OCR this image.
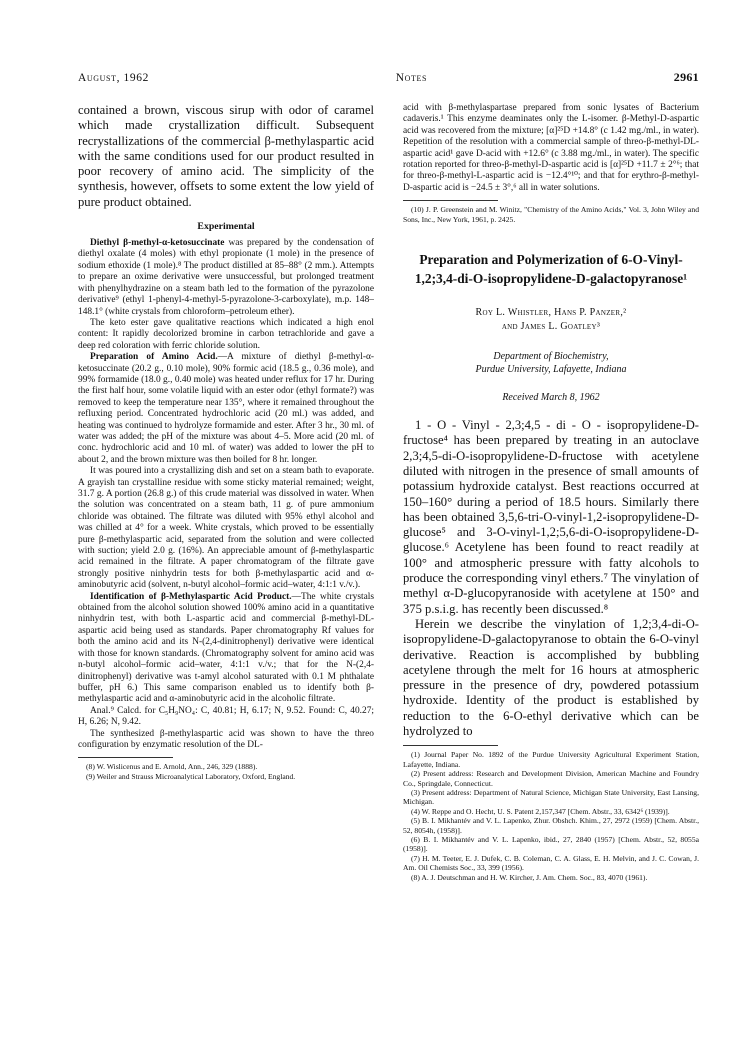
August, 1962	Notes	2961

contained a brown, viscous sirup with odor of caramel which made crystallization difficult. Subsequent recrystallizations of the commercial β-methylaspartic acid with the same conditions used for our product resulted in poor recovery of amino acid. The simplicity of the synthesis, however, offsets to some extent the low yield of pure product obtained.

Experimental

Diethyl β-methyl-α-ketosuccinate was prepared by the condensation of diethyl oxalate (4 moles) with ethyl propionate (1 mole) in the presence of sodium ethoxide (1 mole).⁸ The product distilled at 85–88° (2 mm.). Attempts to prepare an oxime derivative were unsuccessful, but prolonged treatment with phenylhydrazine on a steam bath led to the formation of the pyrazolone derivative⁹ (ethyl 1-phenyl-4-methyl-5-pyrazolone-3-carboxylate), m.p. 148–148.1° (white crystals from chloroform–petroleum ether).

The keto ester gave qualitative reactions which indicated a high enol content: It rapidly decolorized bromine in carbon tetrachloride and gave a deep red coloration with ferric chloride solution.

Preparation of Amino Acid.—A mixture of diethyl β-methyl-α-ketosuccinate (20.2 g., 0.10 mole), 90% formic acid (18.5 g., 0.36 mole), and 99% formamide (18.0 g., 0.40 mole) was heated under reflux for 17 hr. During the first half hour, some volatile liquid with an ester odor (ethyl formate?) was removed to keep the temperature near 135°, where it remained throughout the refluxing period. Concentrated hydrochloric acid (20 ml.) was added, and heating was continued to hydrolyze formamide and ester. After 3 hr., 30 ml. of water was added; the pH of the mixture was about 4–5. More acid (20 ml. of conc. hydrochloric acid and 10 ml. of water) was added to lower the pH to about 2, and the brown mixture was then boiled for 8 hr. longer.

It was poured into a crystallizing dish and set on a steam bath to evaporate. A grayish tan crystalline residue with some sticky material remained; weight, 31.7 g. A portion (26.8 g.) of this crude material was dissolved in water. When the solution was concentrated on a steam bath, 11 g. of pure ammonium chloride was obtained. The filtrate was diluted with 95% ethyl alcohol and was chilled at 4° for a week. White crystals, which proved to be essentially pure β-methylaspartic acid, separated from the solution and were collected with suction; yield 2.0 g. (16%). An appreciable amount of β-methylaspartic acid remained in the filtrate. A paper chromatogram of the filtrate gave strongly positive ninhydrin tests for both β-methylaspartic acid and α-aminobutyric acid (solvent, n-butyl alcohol–formic acid–water, 4:1:1 v./v.).

Identification of β-Methylaspartic Acid Product.—The white crystals obtained from the alcohol solution showed 100% amino acid in a quantitative ninhydrin test, with both L-aspartic acid and commercial β-methyl-DL-aspartic acid being used as standards. Paper chromatography Rf values for both the amino acid and its N-(2,4-dinitrophenyl) derivative were identical with those for known standards. (Chromatography solvent for amino acid was n-butyl alcohol–formic acid–water, 4:1:1 v./v.; that for the N-(2,4-dinitrophenyl) derivative was t-amyl alcohol saturated with 0.1 M phthalate buffer, pH 6.) This same comparison enabled us to identify both β-methylaspartic acid and α-aminobutyric acid in the alcoholic filtrate.

Anal.⁹ Calcd. for C₅H₉NO₄: C, 40.81; H, 6.17; N, 9.52. Found: C, 40.27; H, 6.26; N, 9.42.

The synthesized β-methylaspartic acid was shown to have the threo configuration by enzymatic resolution of the DL-

(8) W. Wislicenus and E. Arnold, Ann., 246, 329 (1888).

(9) Weiler and Strauss Microanalytical Laboratory, Oxford, England.

acid with β-methylaspartase prepared from sonic lysates of Bacterium cadaveris.¹ This enzyme deaminates only the L-isomer. β-Methyl-D-aspartic acid was recovered from the mixture; [α]²⁵D +14.8° (c 1.42 mg./ml., in water). Repetition of the resolution with a commercial sample of threo-β-methyl-DL-aspartic acid¹ gave D-acid with +12.6° (c 3.88 mg./ml., in water). The specific rotation reported for threo-β-methyl-D-aspartic acid is [α]²⁵D +11.7 ± 2°⁶; that for threo-β-methyl-L-aspartic acid is −12.4°¹⁰; and that for erythro-β-methyl-D-aspartic acid is −24.5 ± 3°,⁶ all in water solutions.

(10) J. P. Greenstein and M. Winitz, "Chemistry of the Amino Acids," Vol. 3, John Wiley and Sons, Inc., New York, 1961, p. 2425.

Preparation and Polymerization of 6-O-Vinyl-1,2;3,4-di-O-isopropylidene-D-galactopyranose¹
Roy L. Whistler, Hans P. Panzer,²
and James L. Goatley³
Department of Biochemistry,
Purdue University, Lafayette, Indiana
Received March 8, 1962

1 - O - Vinyl - 2,3;4,5 - di - O - isopropylidene-D-fructose⁴ has been prepared by treating in an autoclave 2,3;4,5-di-O-isopropylidene-D-fructose with acetylene diluted with nitrogen in the presence of small amounts of potassium hydroxide catalyst. Best reactions occurred at 150–160° during a period of 18.5 hours. Similarly there has been obtained 3,5,6-tri-O-vinyl-1,2-isopropylidene-D-glucose⁵ and 3-O-vinyl-1,2;5,6-di-O-isopropylidene-D-glucose.⁶ Acetylene has been found to react readily at 100° and atmospheric pressure with fatty alcohols to produce the corresponding vinyl ethers.⁷ The vinylation of methyl α-D-glucopyranoside with acetylene at 150° and 375 p.s.i.g. has recently been discussed.⁸

Herein we describe the vinylation of 1,2;3,4-di-O-isopropylidene-D-galactopyranose to obtain the 6-O-vinyl derivative. Reaction is accomplished by bubbling acetylene through the melt for 16 hours at atmospheric pressure in the presence of dry, powdered potassium hydroxide. Identity of the product is established by reduction to the 6-O-ethyl derivative which can be hydrolyzed to

(1) Journal Paper No. 1892 of the Purdue University Agricultural Experiment Station, Lafayette, Indiana.

(2) Present address: Research and Development Division, American Machine and Foundry Co., Springdale, Connecticut.

(3) Present address: Department of Natural Science, Michigan State University, East Lansing, Michigan.

(4) W. Reppe and O. Hecht, U. S. Patent 2,157,347 [Chem. Abstr., 33, 6342⁶ (1939)].

(5) B. I. Mikhantév and V. L. Lapenko, Zhur. Obshch. Khim., 27, 2972 (1959) [Chem. Abstr., 52, 8054h, (1958)].

(6) B. I. Mikhantév and V. L. Lapenko, ibid., 27, 2840 (1957) [Chem. Abstr., 52, 8055a (1958)].

(7) H. M. Teeter, E. J. Dufek, C. B. Coleman, C. A. Glass, E. H. Melvin, and J. C. Cowan, J. Am. Oil Chemists Soc., 33, 399 (1956).

(8) A. J. Deutschman and H. W. Kircher, J. Am. Chem. Soc., 83, 4070 (1961).
